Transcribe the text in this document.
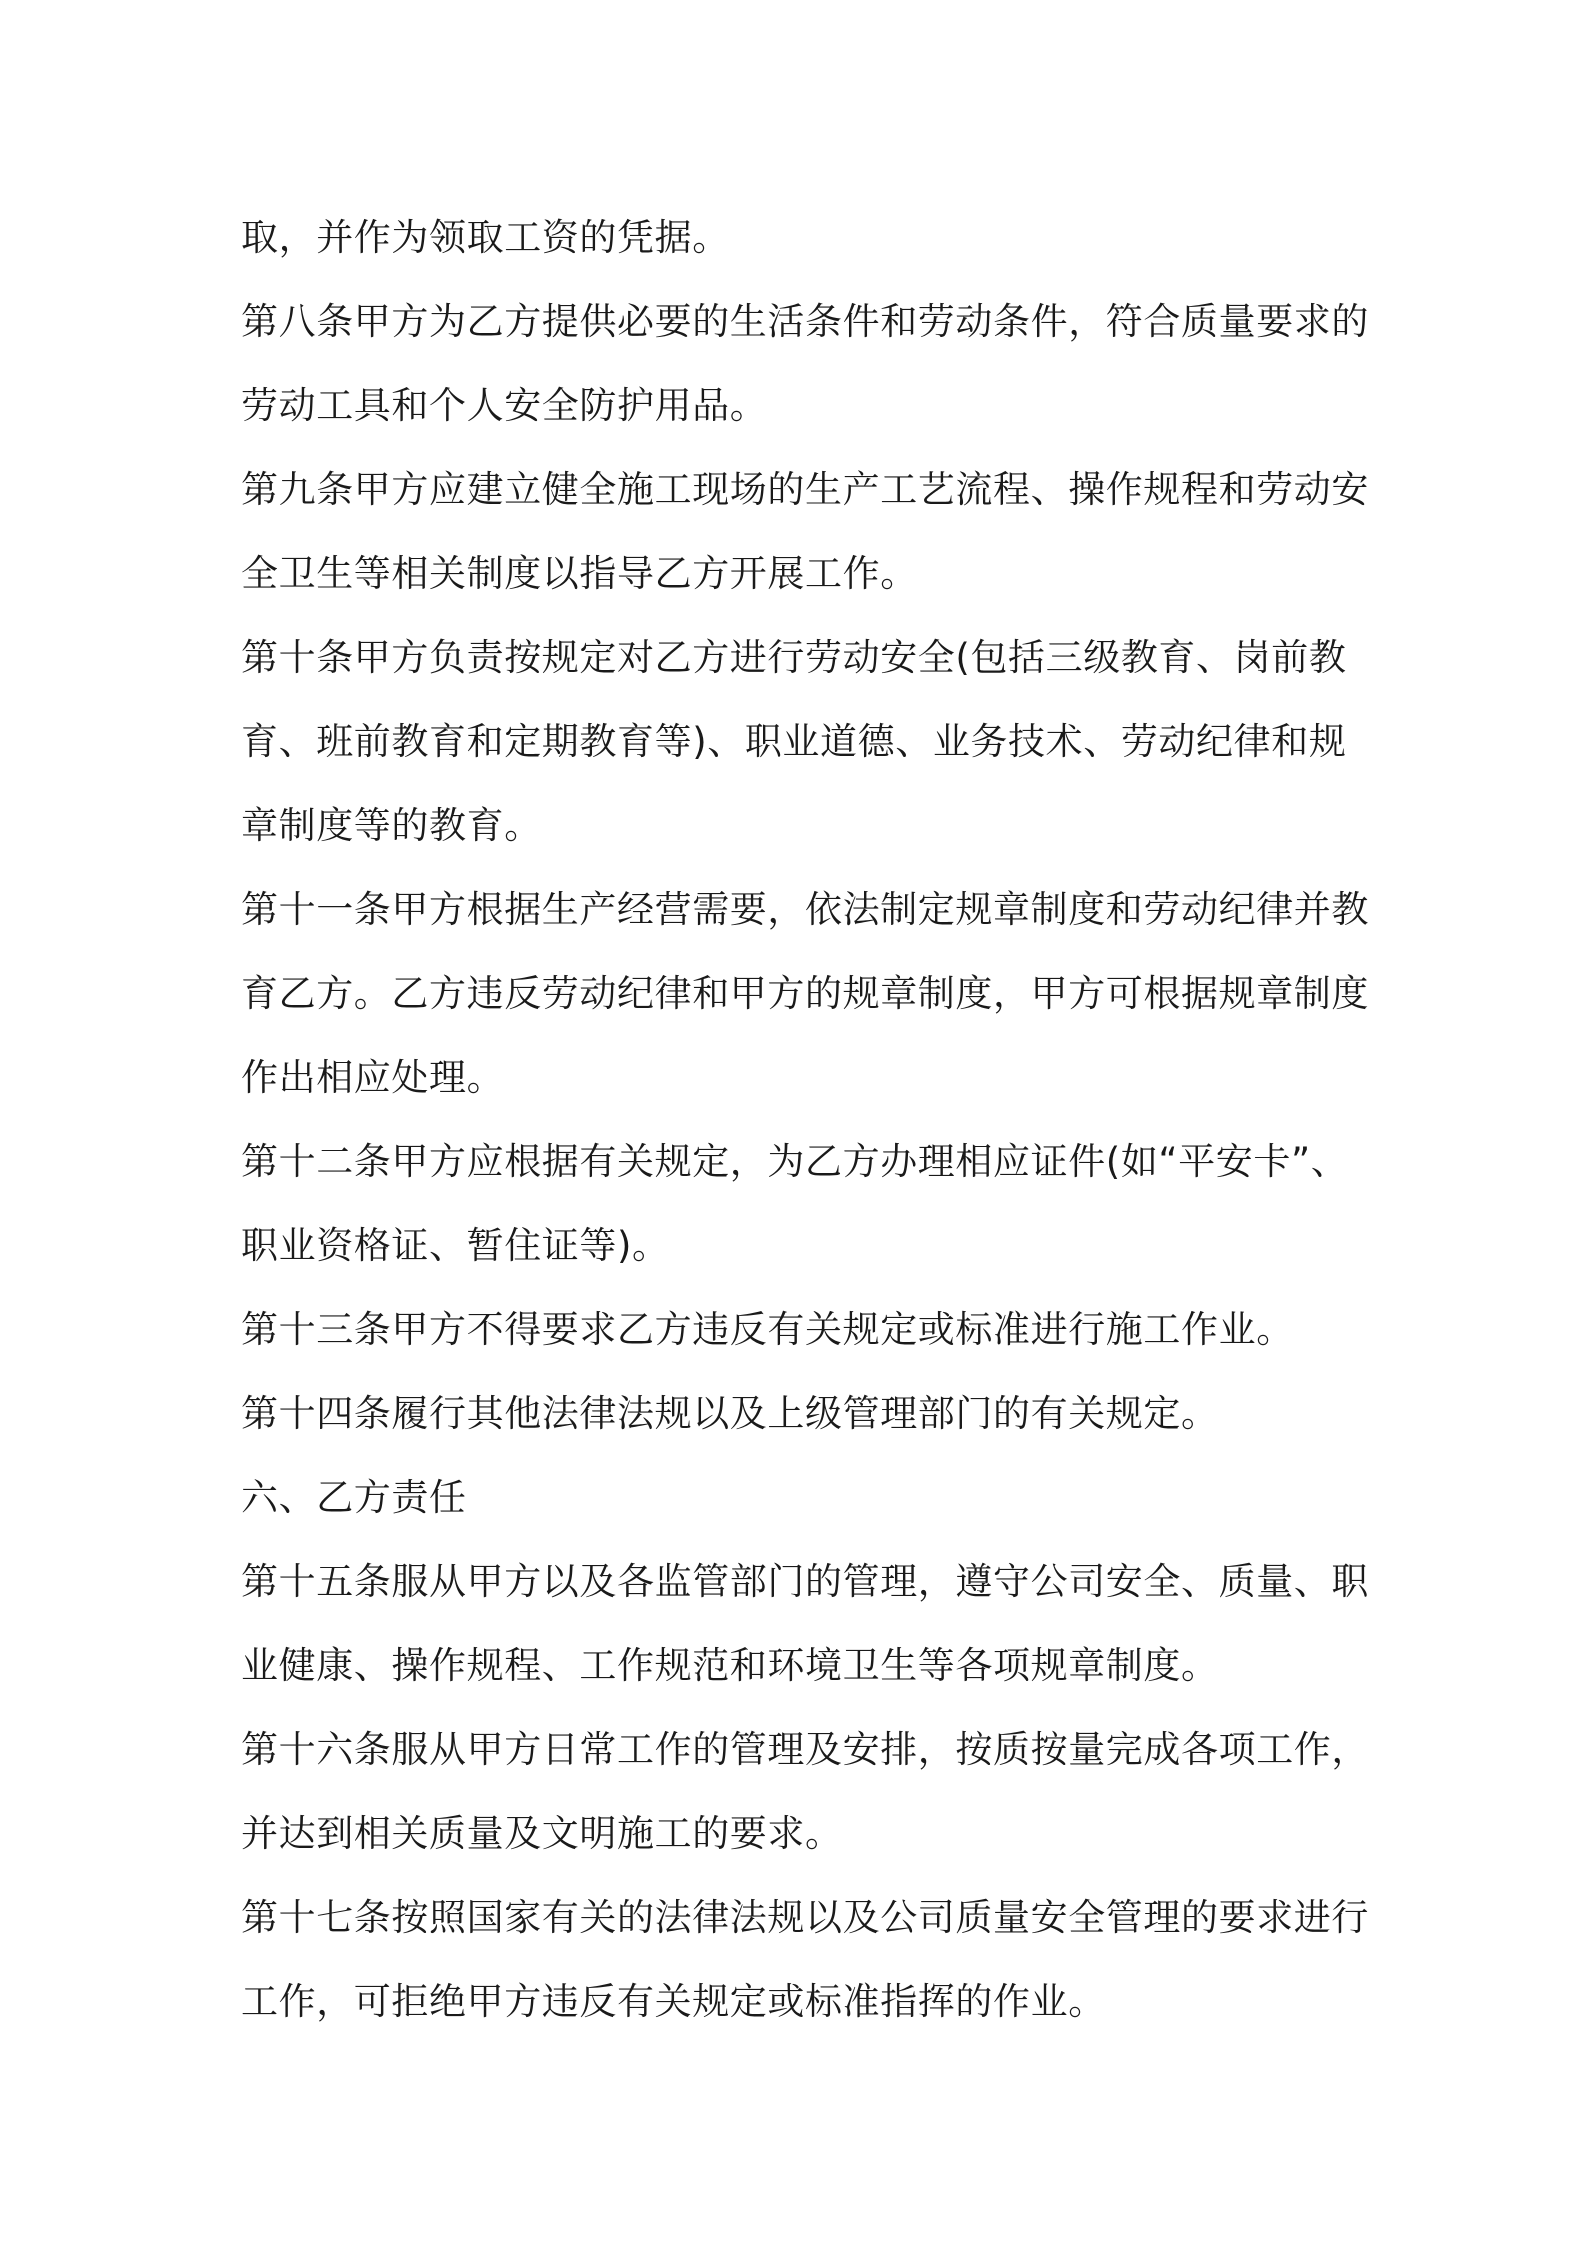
取，并作为领取工资的凭据。

第八条甲方为乙方提供必要的生活条件和劳动条件，符合质量要求的劳动工具和个人安全防护用品。

第九条甲方应建立健全施工现场的生产工艺流程、操作规程和劳动安全卫生等相关制度以指导乙方开展工作。

第十条甲方负责按规定对乙方进行劳动安全(包括三级教育、岗前教育、班前教育和定期教育等)、职业道德、业务技术、劳动纪律和规章制度等的教育。

第十一条甲方根据生产经营需要，依法制定规章制度和劳动纪律并教育乙方。乙方违反劳动纪律和甲方的规章制度，甲方可根据规章制度作出相应处理。

第十二条甲方应根据有关规定，为乙方办理相应证件(如“平安卡”、职业资格证、暂住证等)。

第十三条甲方不得要求乙方违反有关规定或标准进行施工作业。

第十四条履行其他法律法规以及上级管理部门的有关规定。

六、乙方责任

第十五条服从甲方以及各监管部门的管理，遵守公司安全、质量、职业健康、操作规程、工作规范和环境卫生等各项规章制度。

第十六条服从甲方日常工作的管理及安排，按质按量完成各项工作，并达到相关质量及文明施工的要求。

第十七条按照国家有关的法律法规以及公司质量安全管理的要求进行工作，可拒绝甲方违反有关规定或标准指挥的作业。
